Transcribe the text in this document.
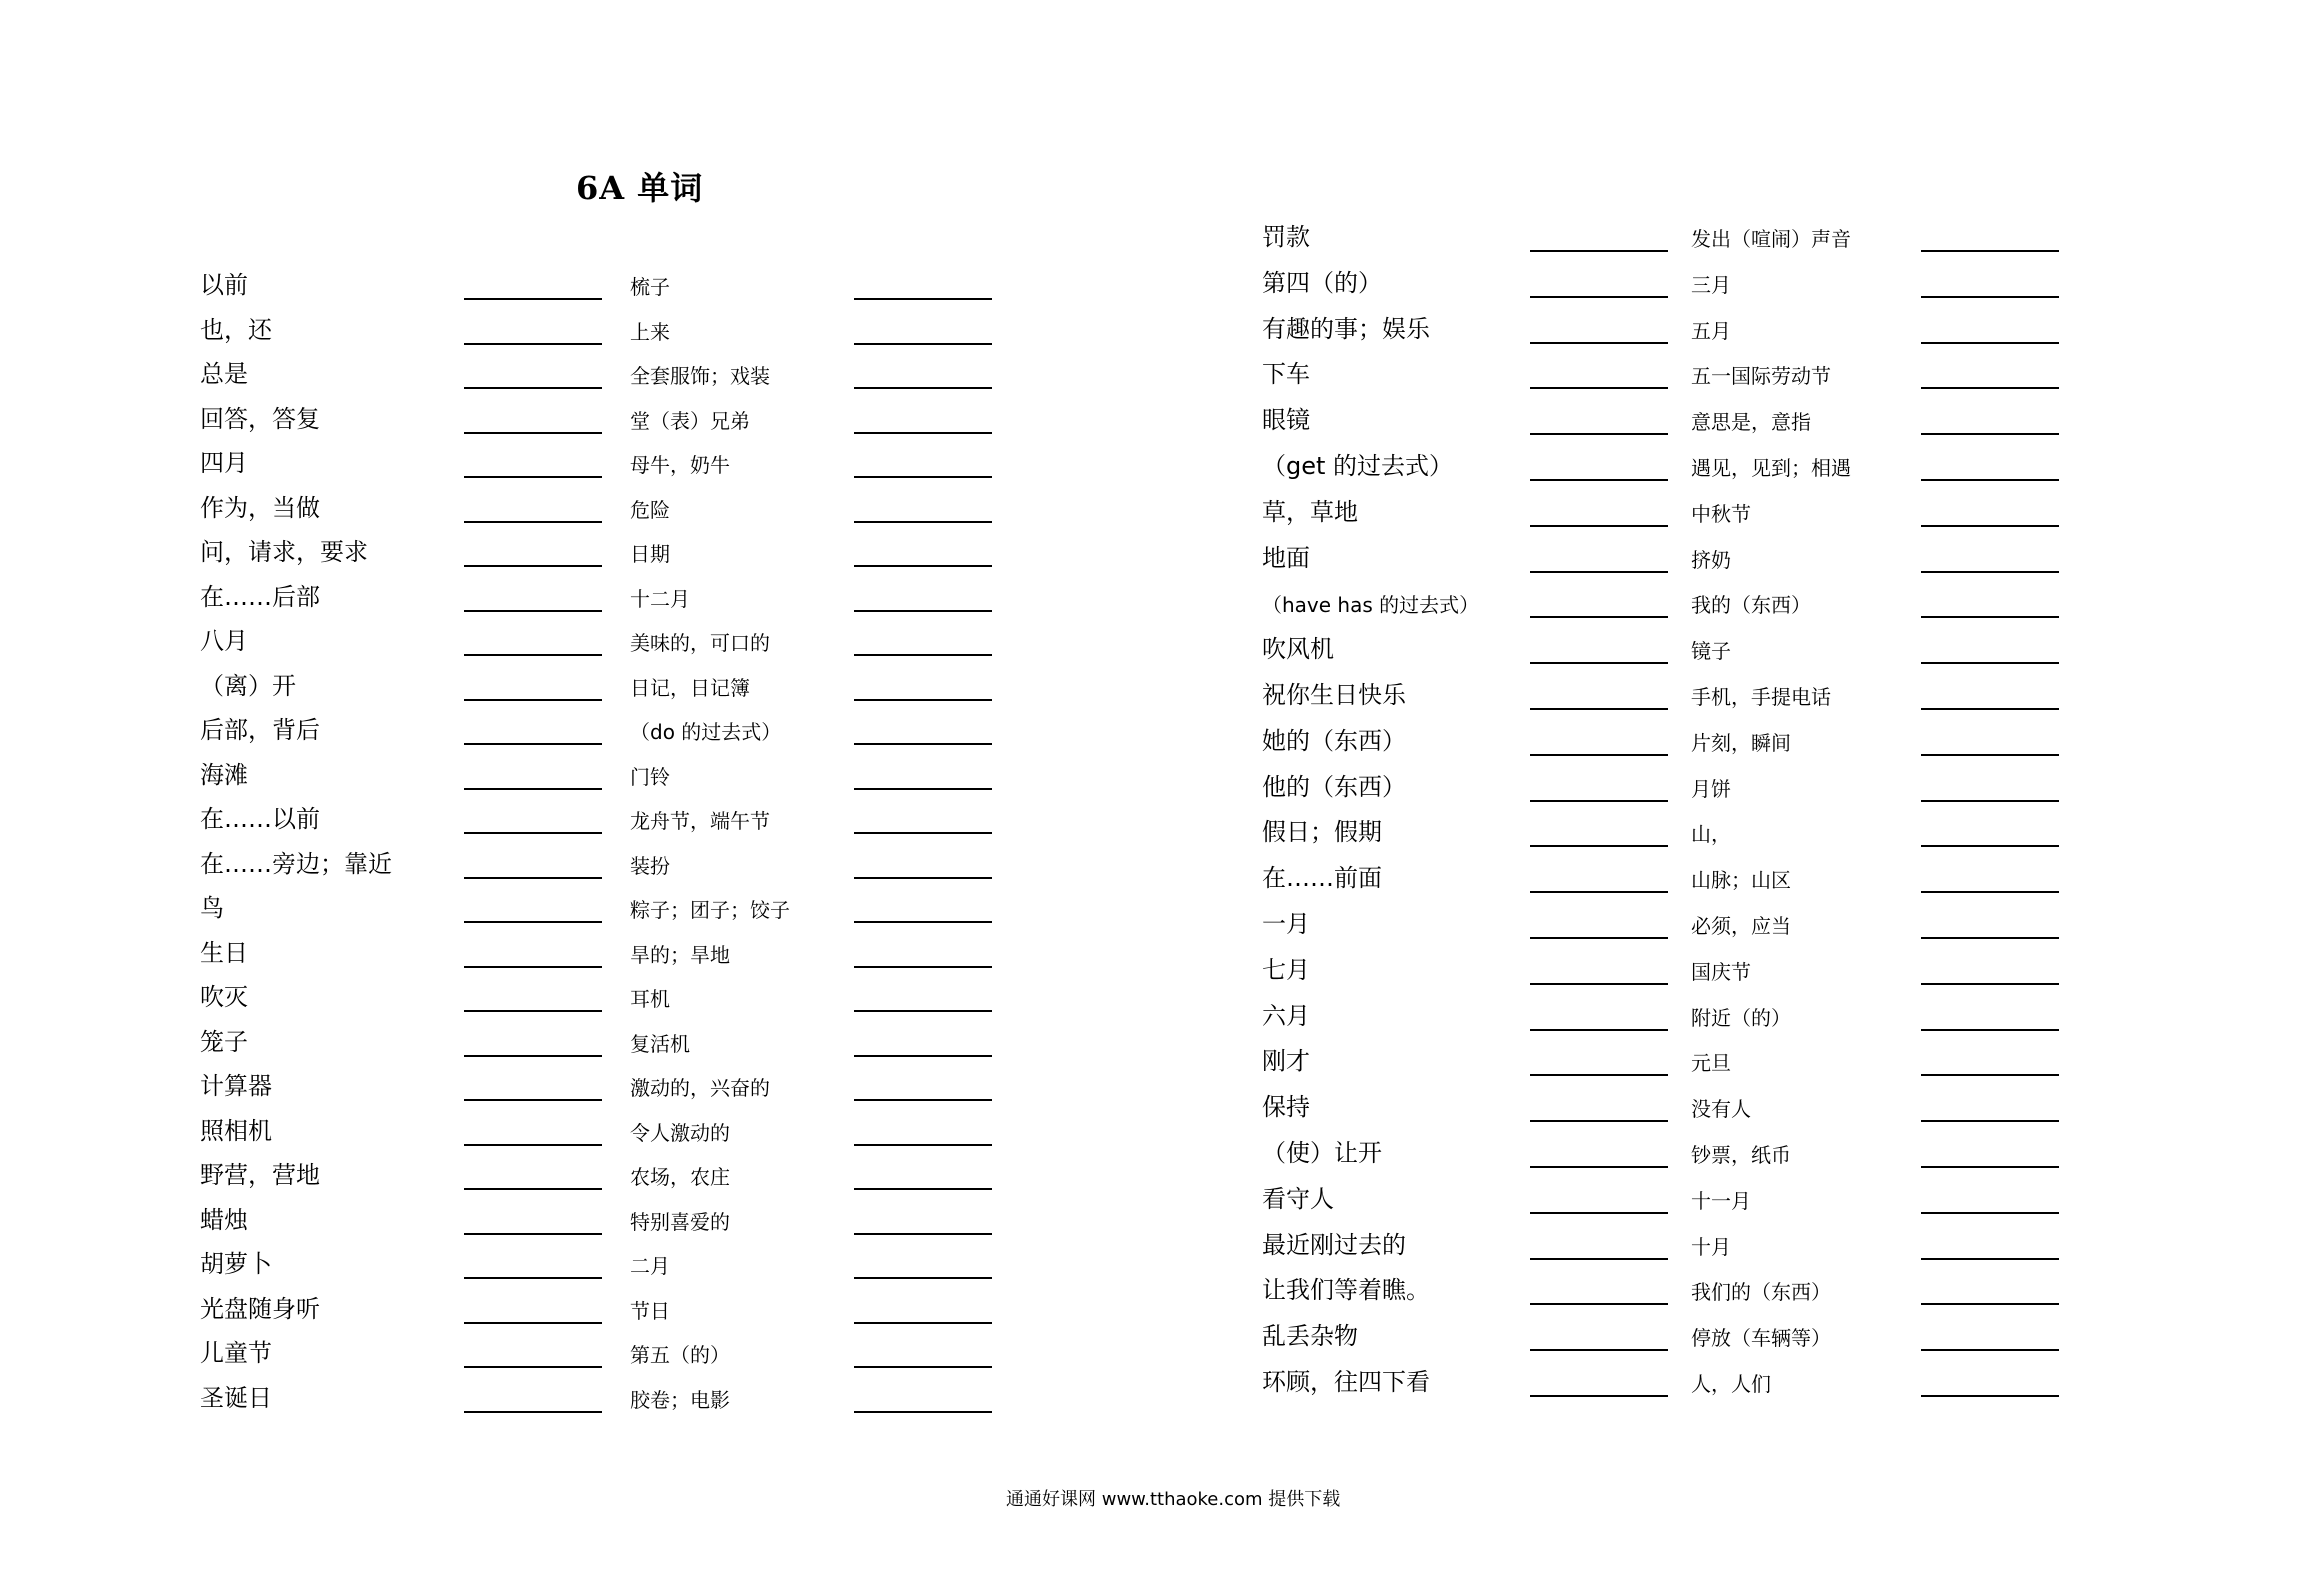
6A 单词
以前
也，还
总是
回答，答复
四月
作为，当做
问，请求，要求
在……后部
八月
（离）开
后部，背后
海滩
在……以前
在……旁边；靠近
鸟
生日
吹灭
笼子
计算器
照相机
野营，营地
蜡烛
胡萝卜
光盘随身听
儿童节
圣诞日
梳子
上来
全套服饰；戏装
堂（表）兄弟
母牛，奶牛
危险
日期
十二月
美味的，可口的
日记，日记簿
（do 的过去式）
门铃
龙舟节，端午节
装扮
粽子；团子；饺子
旱的；旱地
耳机
复活机
激动的，兴奋的
令人激动的
农场，农庄
特别喜爱的
二月
节日
第五（的）
胶卷；电影
罚款
第四（的）
有趣的事；娱乐
下车
眼镜
（get 的过去式）
草，草地
地面
（have has 的过去式）
吹风机
祝你生日快乐
她的（东西）
他的（东西）
假日；假期
在……前面
一月
七月
六月
刚才
保持
（使）让开
看守人
最近刚过去的
让我们等着瞧。
乱丢杂物
环顾，往四下看
发出（喧闹）声音
三月
五月
五一国际劳动节
意思是，意指
遇见，见到；相遇
中秋节
挤奶
我的（东西）
镜子
手机，手提电话
片刻，瞬间
月饼
山，
山脉；山区
必须，应当
国庆节
附近（的）
元旦
没有人
钞票，纸币
十一月
十月
我们的（东西）
停放（车辆等）
人，人们
通通好课网 www.tthaoke.com 提供下载
